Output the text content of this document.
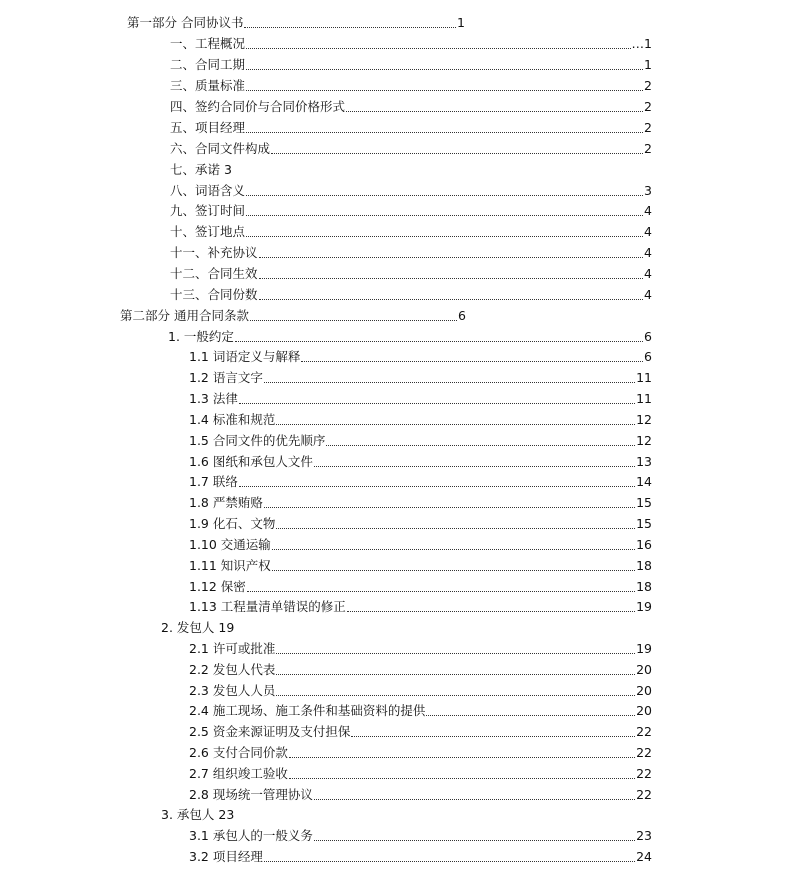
第一部分 合同协议书	1
一、工程概况	…1
二、合同工期	1
三、质量标准	2
四、签约合同价与合同价格形式	2
五、项目经理	2
六、合同文件构成	2
七、承诺 3
八、词语含义	3
九、签订时间	4
十、签订地点	4
十一、补充协议	4
十二、合同生效	4
十三、合同份数	4
第二部分 通用合同条款	6
1. 一般约定	6
1.1 词语定义与解释	6
1.2 语言文字	11
1.3 法律	11
1.4 标准和规范	12
1.5 合同文件的优先顺序	12
1.6 图纸和承包人文件	13
1.7 联络	14
1.8 严禁贿赂	15
1.9 化石、文物	15
1.10 交通运输	16
1.11 知识产权	18
1.12 保密	18
1.13 工程量清单错误的修正	19
2. 发包人 19
2.1 许可或批准	19
2.2 发包人代表	20
2.3 发包人人员	20
2.4 施工现场、施工条件和基础资料的提供	20
2.5 资金来源证明及支付担保	22
2.6 支付合同价款	22
2.7 组织竣工验收	22
2.8 现场统一管理协议	22
3. 承包人 23
3.1 承包人的一般义务	23
3.2 项目经理	24
